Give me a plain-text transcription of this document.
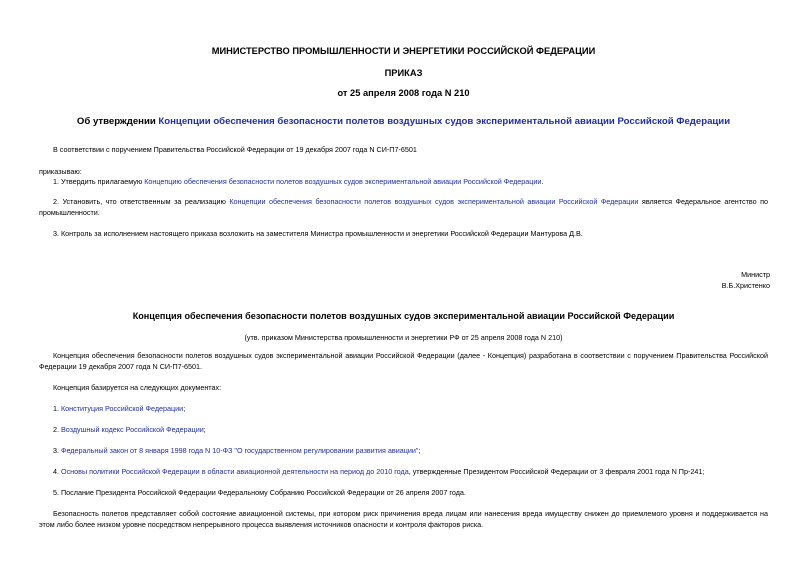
МИНИСТЕРСТВО ПРОМЫШЛЕННОСТИ И ЭНЕРГЕТИКИ РОССИЙСКОЙ ФЕДЕРАЦИИ
ПРИКАЗ
от 25 апреля 2008 года N 210
Об утверждении Концепции обеспечения безопасности полетов воздушных судов экспериментальной авиации Российской Федерации
В соответствии с поручением Правительства Российской Федерации от 19 декабря 2007 года N СИ-П7-6501
приказываю:
1. Утвердить прилагаемую Концепцию обеспечения безопасности полетов воздушных судов экспериментальной авиации Российской Федерации.
2. Установить, что ответственным за реализацию Концепции обеспечения безопасности полетов воздушных судов экспериментальной авиации Российской Федерации является Федеральное агентство по промышленности.
3. Контроль за исполнением настоящего приказа возложить на заместителя Министра промышленности и энергетики Российской Федерации Мантурова Д.В.
Министр
В.Б.Христенко
Концепция обеспечения безопасности полетов воздушных судов экспериментальной авиации Российской Федерации
(утв. приказом Министерства промышленности и энергетики РФ от 25 апреля 2008 года N 210)
Концепция обеспечения безопасности полетов воздушных судов экспериментальной авиации Российской Федерации (далее - Концепция) разработана в соответствии с поручением Правительства Российской Федерации 19 декабря 2007 года N СИ-П7-6501.
Концепция базируется на следующих документах:
1. Конституция Российской Федерации;
2. Воздушный кодекс Российской Федерации;
3. Федеральный закон от 8 января 1998 года N 10-ФЗ "О государственном регулировании развития авиации";
4. Основы политики Российской Федерации в области авиационной деятельности на период до 2010 года, утвержденные Президентом Российской Федерации от 3 февраля 2001 года N Пр-241;
5. Послание Президента Российской Федерации Федеральному Собранию Российской Федерации от 26 апреля 2007 года.
Безопасность полетов представляет собой состояние авиационной системы, при котором риск причинения вреда лицам или нанесения вреда имуществу снижен до приемлемого уровня и поддерживается на этом либо более низком уровне посредством непрерывного процесса выявления источников опасности и контроля факторов риска.
